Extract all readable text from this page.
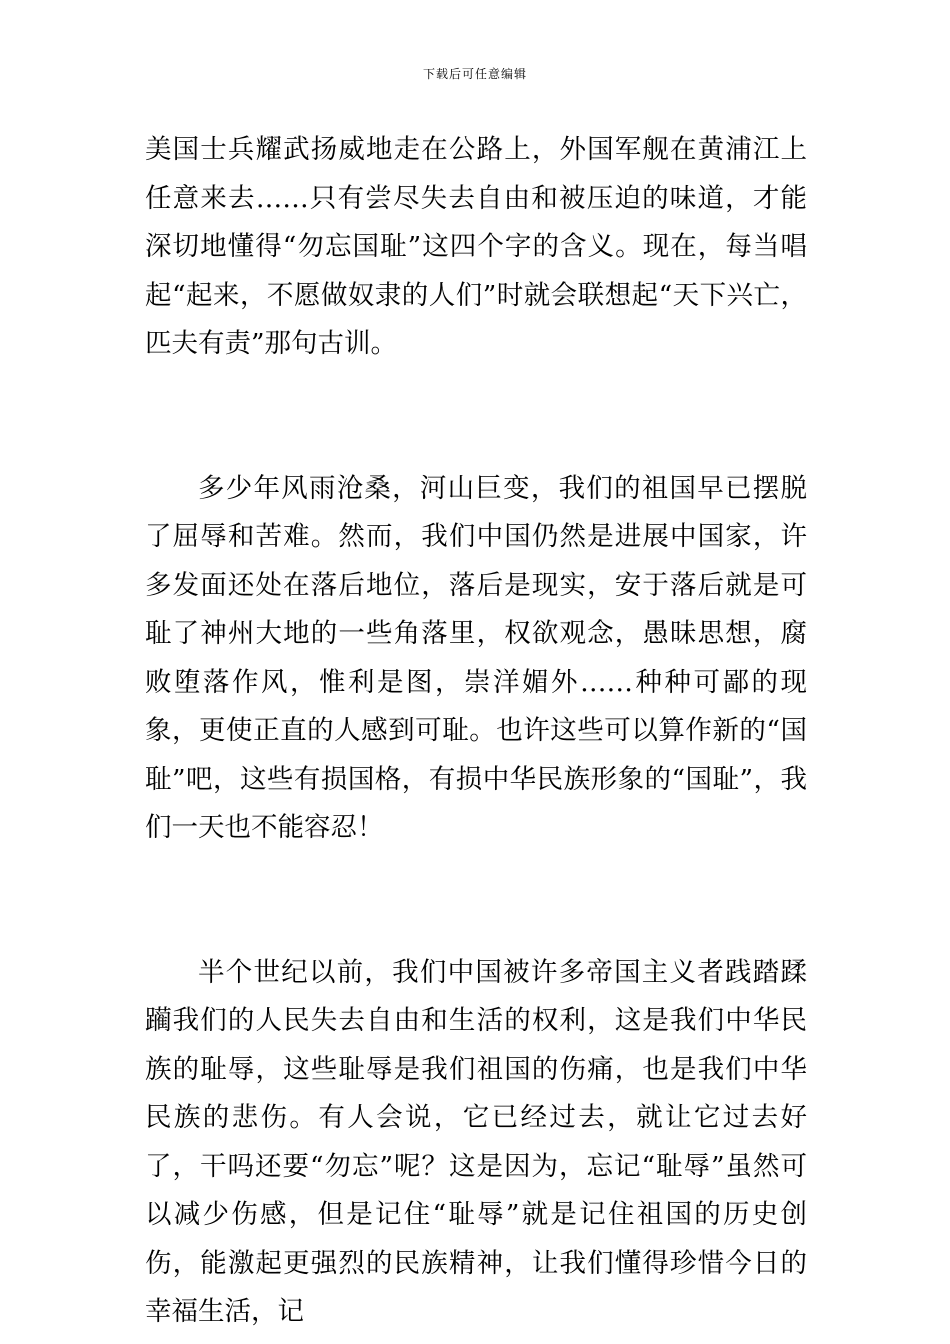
下载后可任意编辑

美国士兵耀武扬威地走在公路上，外国军舰在黄浦江上任意来去……只有尝尽失去自由和被压迫的味道，才能深切地懂得“勿忘国耻”这四个字的含义。现在，每当唱起“起来，不愿做奴隶的人们”时就会联想起“天下兴亡，匹夫有责”那句古训。

多少年风雨沧桑，河山巨变，我们的祖国早已摆脱了屈辱和苦难。然而，我们中国仍然是进展中国家，许多发面还处在落后地位，落后是现实，安于落后就是可耻了神州大地的一些角落里，权欲观念，愚昧思想，腐败堕落作风，惟利是图，崇洋媚外……种种可鄙的现象，更使正直的人感到可耻。也许这些可以算作新的“国耻”吧，这些有损国格，有损中华民族形象的“国耻”，我们一天也不能容忍！

半个世纪以前，我们中国被许多帝国主义者践踏蹂躏我们的人民失去自由和生活的权利，这是我们中华民族的耻辱，这些耻辱是我们祖国的伤痛，也是我们中华民族的悲伤。有人会说，它已经过去，就让它过去好了，干吗还要“勿忘”呢？这是因为，忘记“耻辱”虽然可以减少伤感，但是记住“耻辱”就是记住祖国的历史创伤，能激起更强烈的民族精神，让我们懂得珍惜今日的幸福生活，记
